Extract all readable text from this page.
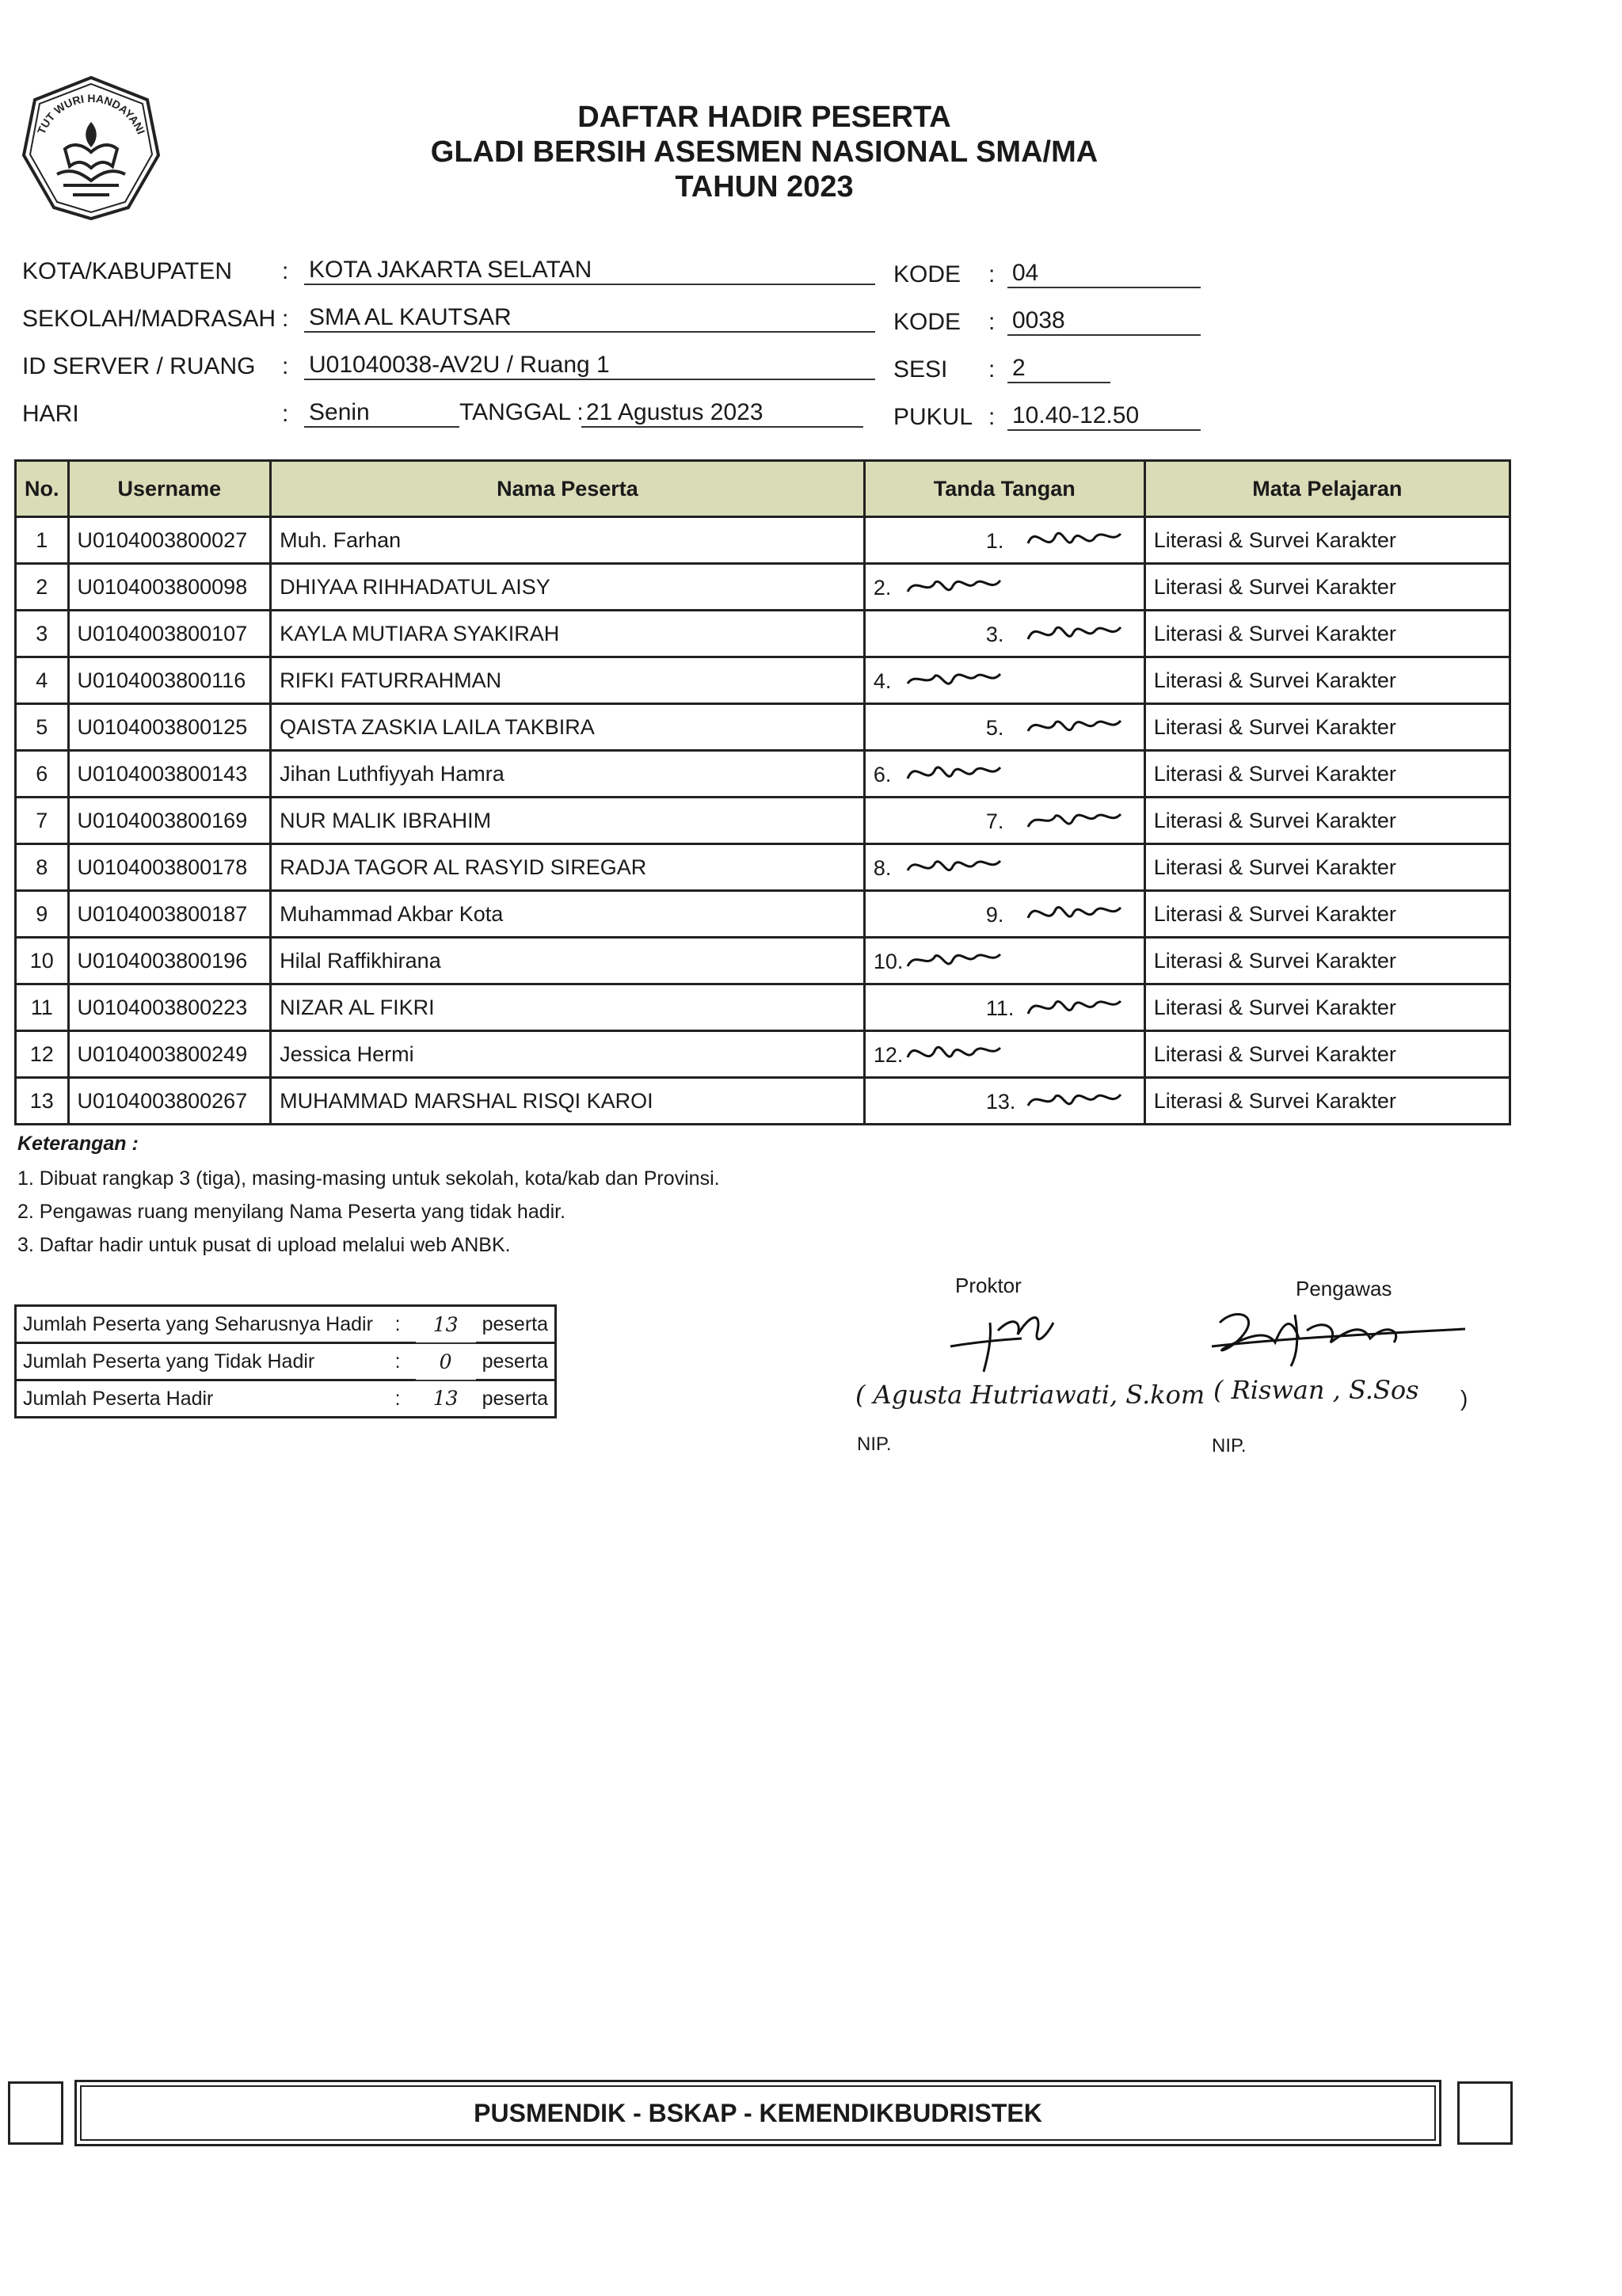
TUT WURI HANDAYANI	DAFTAR HADIR PESERTA
GLADI BERSIH ASESMEN NASIONAL SMA/MA
TAHUN 2023
KOTA/KABUPATEN : KOTA JAKARTA SELATAN	KODE : 04
SEKOLAH/MADRASAH : SMA AL KAUTSAR	KODE : 0038
ID SERVER / RUANG : U01040038-AV2U / Ruang 1	SESI : 2
HARI	: Senin	TANGGAL : 21 Agustus 2023	PUKUL : 10.40-12.50
No.	Username	Nama Peserta	Tanda Tangan	Mata Pelajaran
1	U0104003800027	Muh. Farhan	1.	Literasi & Survei Karakter
2	U0104003800098	DHIYAA RIHHADATUL AISY	2.	Literasi & Survei Karakter
3	U0104003800107	KAYLA MUTIARA SYAKIRAH	3.	Literasi & Survei Karakter
4	U0104003800116	RIFKI FATURRAHMAN	4.	Literasi & Survei Karakter
5	U0104003800125	QAISTA ZASKIA LAILA TAKBIRA	5.	Literasi & Survei Karakter
6	U0104003800143	Jihan Luthfiyyah Hamra	6.	Literasi & Survei Karakter
7	U0104003800169	NUR MALIK IBRAHIM	7.	Literasi & Survei Karakter
8	U0104003800178	RADJA TAGOR AL RASYID SIREGAR	8.	Literasi & Survei Karakter
9	U0104003800187	Muhammad Akbar Kota	9.	Literasi & Survei Karakter
10	U0104003800196	Hilal Raffikhirana	10.	Literasi & Survei Karakter
11	U0104003800223	NIZAR AL FIKRI	11.	Literasi & Survei Karakter
12	U0104003800249	Jessica Hermi	12.	Literasi & Survei Karakter
13	U0104003800267	MUHAMMAD MARSHAL RISQI KAROI	13.	Literasi & Survei Karakter
Keterangan :
1. Dibuat rangkap 3 (tiga), masing-masing untuk sekolah, kota/kab dan Provinsi.
2. Pengawas ruang menyilang Nama Peserta yang tidak hadir.
3. Daftar hadir untuk pusat di upload melalui web ANBK.
Jumlah Peserta yang Seharusnya Hadir	:	13	peserta
Jumlah Peserta yang Tidak Hadir	:	0	peserta
Jumlah Peserta Hadir	:	13	peserta
Proktor
( Agusta Hutriawati, S.kom
NIP.
Pengawas
( Riswan , S.Sos )
NIP.
PUSMENDIK - BSKAP - KEMENDIKBUDRISTEK
